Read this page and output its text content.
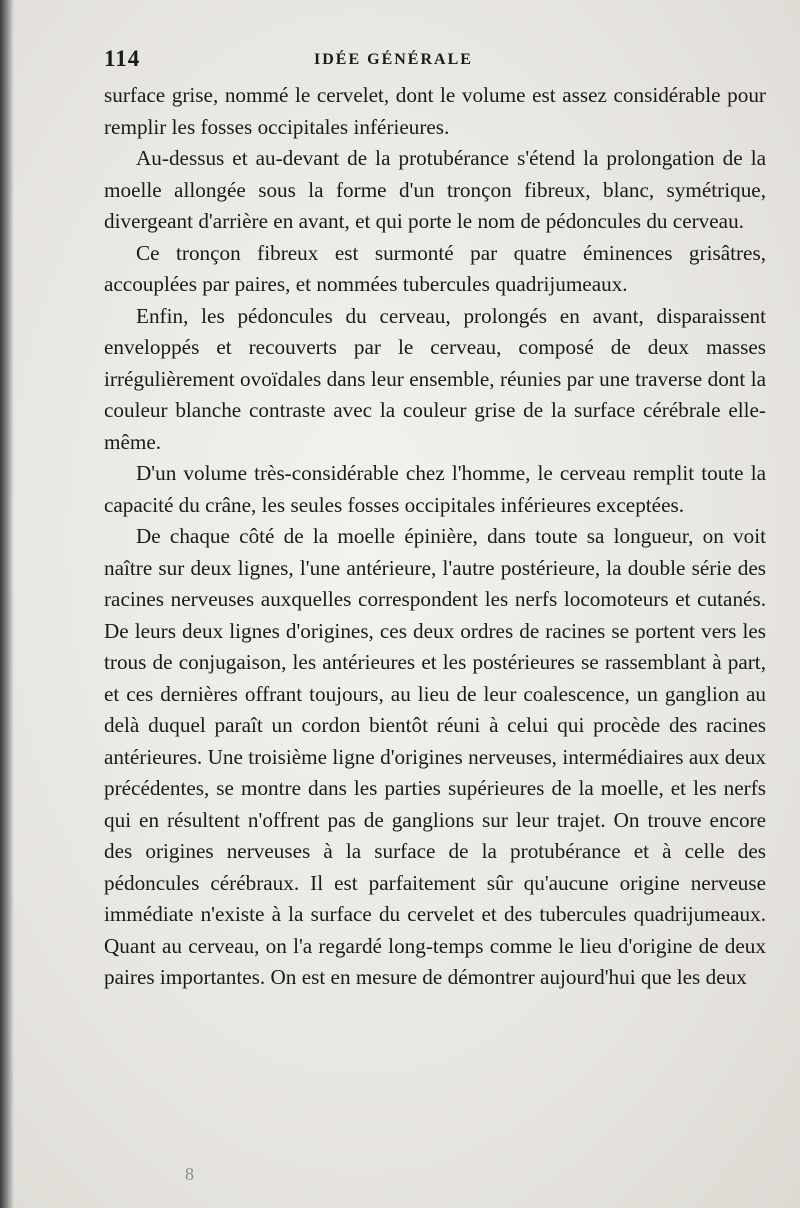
114	IDÉE GÉNÉRALE

surface grise, nommé le cervelet, dont le volume est assez considérable pour remplir les fosses occipitales inférieures.

Au-dessus et au-devant de la protubérance s'étend la prolongation de la moelle allongée sous la forme d'un tronçon fibreux, blanc, symétrique, divergeant d'arrière en avant, et qui porte le nom de pédoncules du cerveau.

Ce tronçon fibreux est surmonté par quatre éminences grisâtres, accouplées par paires, et nommées tubercules quadrijumeaux.

Enfin, les pédoncules du cerveau, prolongés en avant, disparaissent enveloppés et recouverts par le cerveau, composé de deux masses irrégulièrement ovoïdales dans leur ensemble, réunies par une traverse dont la couleur blanche contraste avec la couleur grise de la surface cérébrale elle-même.

D'un volume très-considérable chez l'homme, le cerveau remplit toute la capacité du crâne, les seules fosses occipitales inférieures exceptées.

De chaque côté de la moelle épinière, dans toute sa longueur, on voit naître sur deux lignes, l'une antérieure, l'autre postérieure, la double série des racines nerveuses auxquelles correspondent les nerfs locomoteurs et cutanés. De leurs deux lignes d'origines, ces deux ordres de racines se portent vers les trous de conjugaison, les antérieures et les postérieures se rassemblant à part, et ces dernières offrant toujours, au lieu de leur coalescence, un ganglion au delà duquel paraît un cordon bientôt réuni à celui qui procède des racines antérieures. Une troisième ligne d'origines nerveuses, intermédiaires aux deux précédentes, se montre dans les parties supérieures de la moelle, et les nerfs qui en résultent n'offrent pas de ganglions sur leur trajet. On trouve encore des origines nerveuses à la surface de la protubérance et à celle des pédoncules cérébraux. Il est parfaitement sûr qu'aucune origine nerveuse immédiate n'existe à la surface du cervelet et des tubercules quadrijumeaux. Quant au cerveau, on l'a regardé long-temps comme le lieu d'origine de deux paires importantes. On est en mesure de démontrer aujourd'hui que les deux

8
